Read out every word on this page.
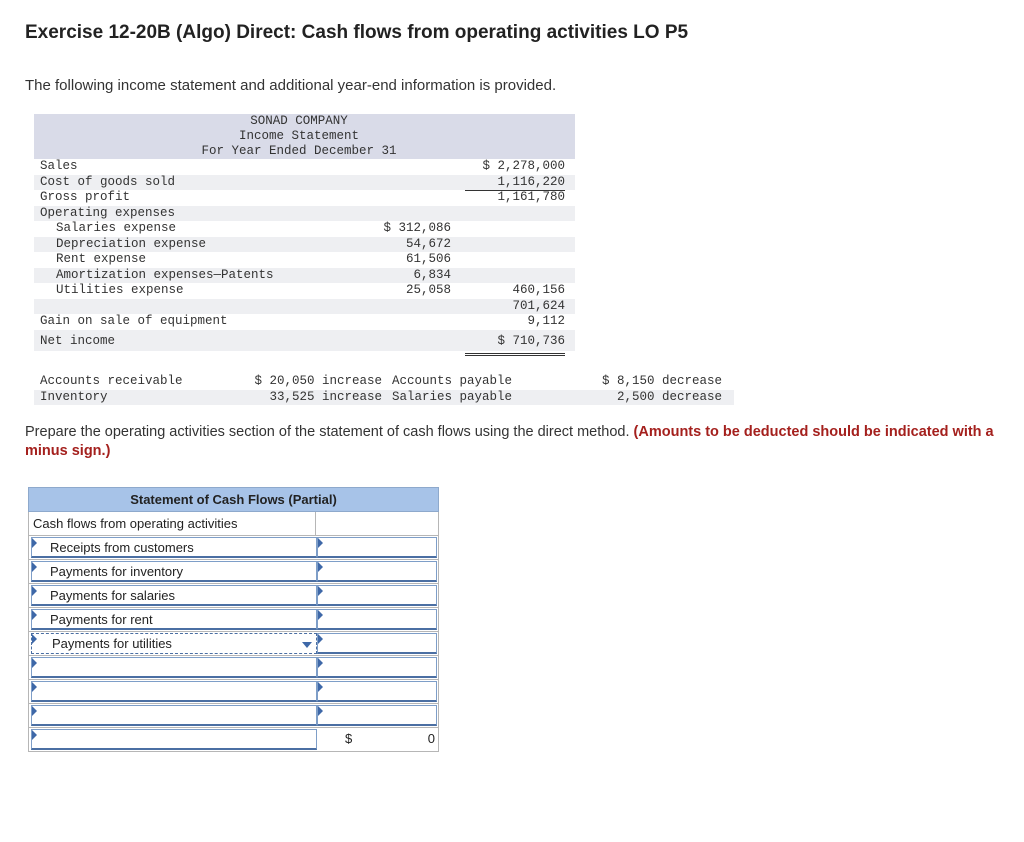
Exercise 12-20B (Algo) Direct: Cash flows from operating activities LO P5
The following income statement and additional year-end information is provided.
SONAD COMPANY
Income Statement
For Year Ended December 31
Sales	$ 2,278,000
Cost of goods sold	1,116,220
Gross profit	1,161,780
Operating expenses
Salaries expense	$ 312,086
Depreciation expense	54,672
Rent expense	61,506
Amortization expenses—Patents	6,834
Utilities expense	25,058	460,156
701,624
Gain on sale of equipment	9,112
Net income	$ 710,736
Accounts receivable	$ 20,050 increase Accounts payable	$ 8,150 decrease
Inventory	33,525 increase Salaries payable	2,500 decrease
Prepare the operating activities section of the statement of cash flows using the direct method. (Amounts to be deducted should be indicated with a minus sign.)
Statement of Cash Flows (Partial)
Cash flows from operating activities
Receipts from customers
Payments for inventory
Payments for salaries
Payments for rent
Payments for utilities
$	0
